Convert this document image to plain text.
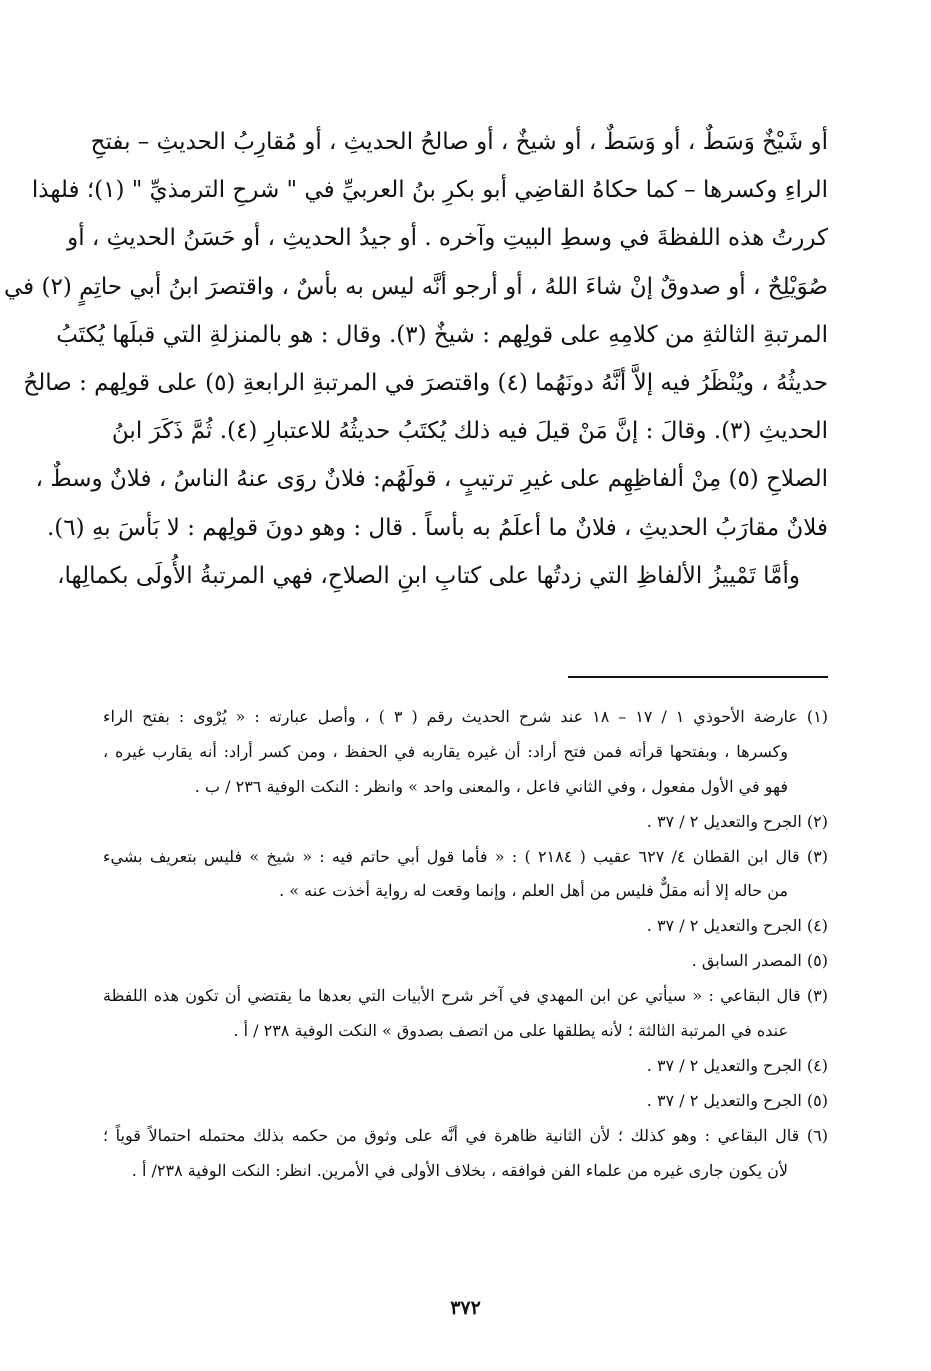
أو شَيْخٌ وَسَطٌ ، أو وَسَطٌ ، أو شيخٌ ، أو صالحُ الحديثِ ، أو مُقارِبُ الحديثِ – بفتحِ
الراءِ وكسرها – كما حكاهُ القاضِي أبو بكرِ بنُ العربيِّ في " شرحِ الترمذيِّ " (١)؛ فلهذا
كررتُ هذه اللفظةَ في وسطِ البيتِ وآخره . أو جيدُ الحديثِ ، أو حَسَنُ الحديثِ ، أو
صُوَيْلِحٌ ، أو صدوقٌ إنْ شاءَ اللهُ ، أو أرجو أنَّه ليس به بأسٌ ، واقتصرَ ابنُ أبي حاتِمٍ (٢) في
المرتبةِ الثالثةِ من كلامِهِ على قولِهم : شيخٌ (٣). وقال : هو بالمنزلةِ التي قبلَها يُكتَبُ
حديثُهُ ، ويُنْظَرُ فيه إلاَّ أنَّهُ دونَهُما (٤) واقتصرَ في المرتبةِ الرابعةِ (٥) على قولِهم : صالحُ
الحديثِ (٣). وقالَ : إنَّ مَنْ قيلَ فيه ذلك يُكتَبُ حديثُهُ للاعتبارِ (٤). ثُمَّ ذَكَرَ ابنُ
الصلاحِ (٥) مِنْ ألفاظِهِم على غيرِ ترتيبٍ ، قولَهُم: فلانٌ روَى عنهُ الناسُ ، فلانٌ وسطٌ ،
فلانٌ مقارَبُ الحديثِ ، فلانٌ ما أعلَمُ به بأساً . قال : وهو دونَ قولِهم : لا بَأسَ بهِ (٦).
وأمَّا تَمْييزُ الألفاظِ التي زدتُها على كتابِ ابنِ الصلاحِ، فهي المرتبةُ الأُولَى بكمالِها،
(١) عارضة الأحوذي ١ / ١٧ – ١٨ عند شرح الحديث رقم ( ٣ ) ، وأصل عبارته : « يُرْوى : بفتح الراء
وكسرها ، وبفتحها قرأته فمن فتح أراد: أن غيره يقاربه في الحفظ ، ومن كسر أراد: أنه يقارب غيره ،
فهو في الأول مفعول ، وفي الثاني فاعل ، والمعنى واحد » وانظر : النكت الوفية ٢٣٦ / ب .
(٢) الجرح والتعديل ٢ / ٣٧ .
(٣) قال ابن القطان ٤/ ٦٢٧ عقيب ( ٢١٨٤ ) : « فأما قول أبي حاتم فيه : « شيخ » فليس بتعريف بشيء
من حاله إلا أنه مقلٌّ فليس من أهل العلم ، وإنما وقعت له رواية أخذت عنه » .
(٤) الجرح والتعديل ٢ / ٣٧ .
(٥) المصدر السابق .
(٣) قال البقاعي : « سيأتي عن ابن المهدي في آخر شرح الأبيات التي بعدها ما يقتضي أن تكون هذه اللفظة
عنده في المرتبة الثالثة ؛ لأنه يطلقها على من اتصف بصدوق » النكت الوفية ٢٣٨ / أ .
(٤) الجرح والتعديل ٢ / ٣٧ .
(٥) الجرح والتعديل ٢ / ٣٧ .
(٦) قال البقاعي : وهو كذلك ؛ لأن الثانية ظاهرة في أنَّه على وثوق من حكمه بذلك محتمله احتمالاً قوياً ؛
لأن يكون جارى غيره من علماء الفن فوافقه ، بخلاف الأولى في الأمرين. انظر: النكت الوفية ٢٣٨/ أ .
٣٧٢
